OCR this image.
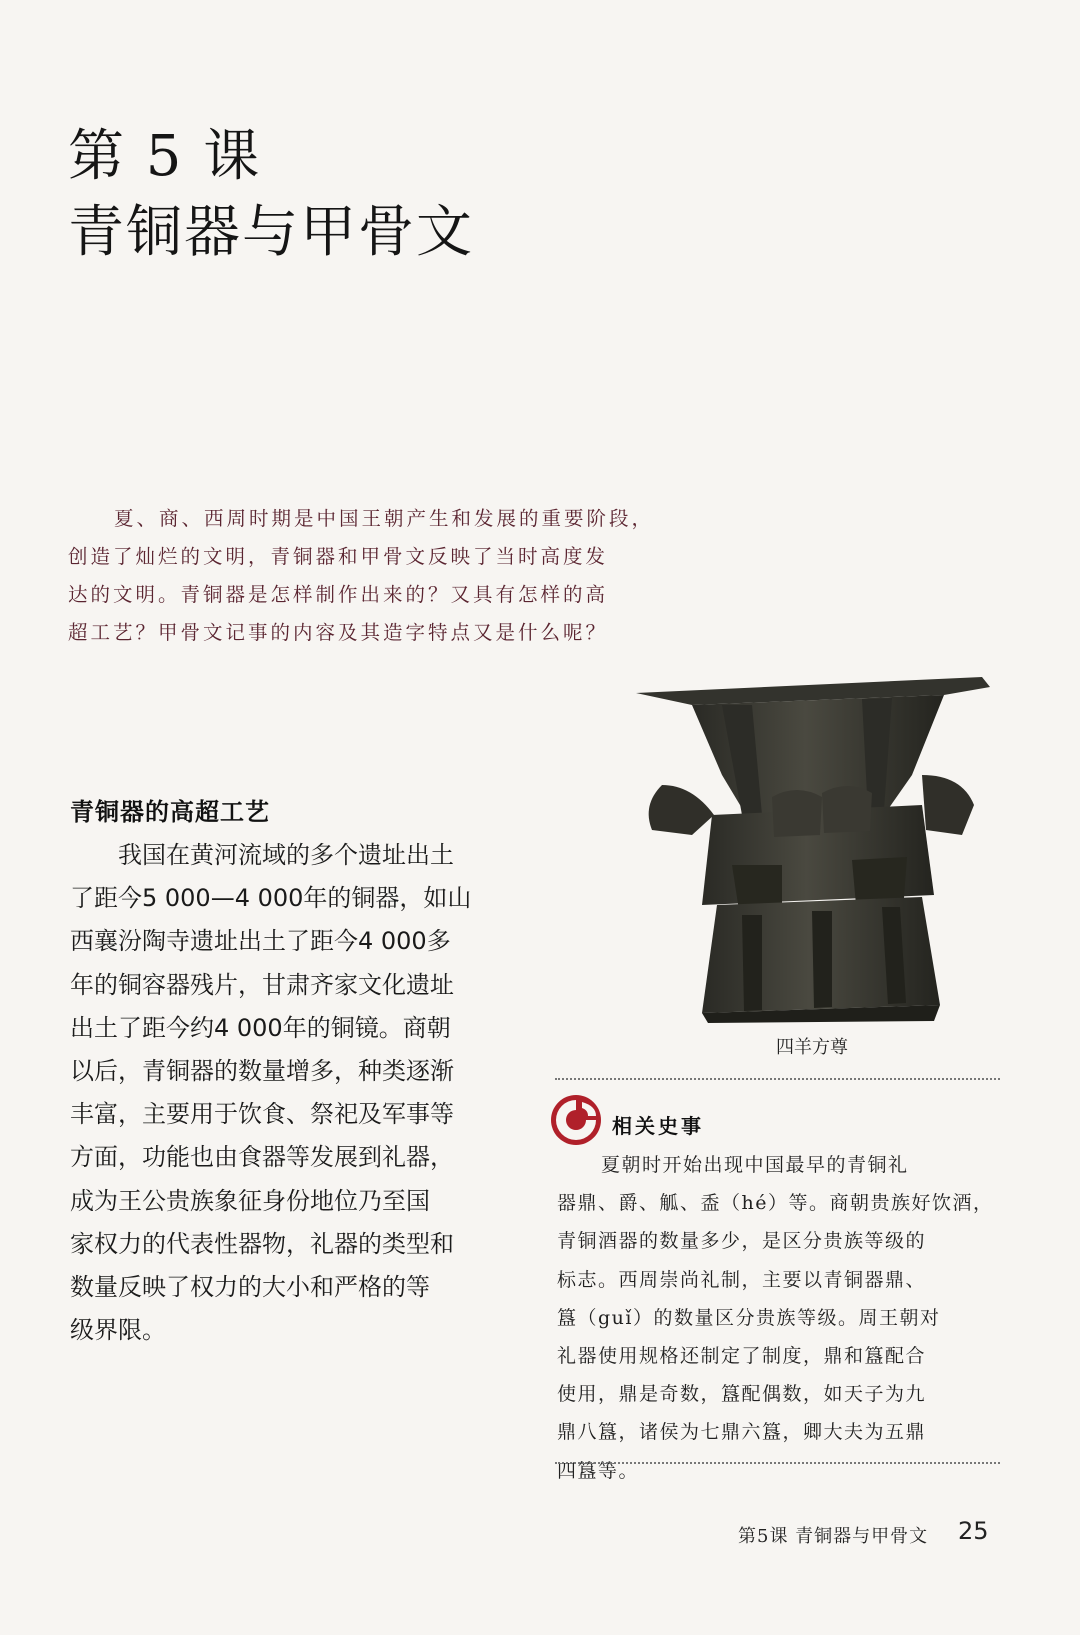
第 5 课
青铜器与甲骨文

夏、商、西周时期是中国王朝产生和发展的重要阶段，
创造了灿烂的文明，青铜器和甲骨文反映了当时高度发
达的文明。青铜器是怎样制作出来的？又具有怎样的高
超工艺？甲骨文记事的内容及其造字特点又是什么呢？

青铜器的高超工艺

我国在黄河流域的多个遗址出土
了距今5 000—4 000年的铜器，如山
西襄汾陶寺遗址出土了距今4 000多
年的铜容器残片，甘肃齐家文化遗址
出土了距今约4 000年的铜镜。商朝
以后，青铜器的数量增多，种类逐渐
丰富，主要用于饮食、祭祀及军事等
方面，功能也由食器等发展到礼器，
成为王公贵族象征身份地位乃至国
家权力的代表性器物，礼器的类型和
数量反映了权力的大小和严格的等
级界限。

四羊方尊

相关史事

夏朝时开始出现中国最早的青铜礼
器鼎、爵、觚、盉（hé）等。商朝贵族好饮酒，
青铜酒器的数量多少，是区分贵族等级的
标志。西周崇尚礼制，主要以青铜器鼎、
簋（guǐ）的数量区分贵族等级。周王朝对
礼器使用规格还制定了制度，鼎和簋配合
使用，鼎是奇数，簋配偶数，如天子为九
鼎八簋，诸侯为七鼎六簋，卿大夫为五鼎
四簋等。

第5课 青铜器与甲骨文 25
